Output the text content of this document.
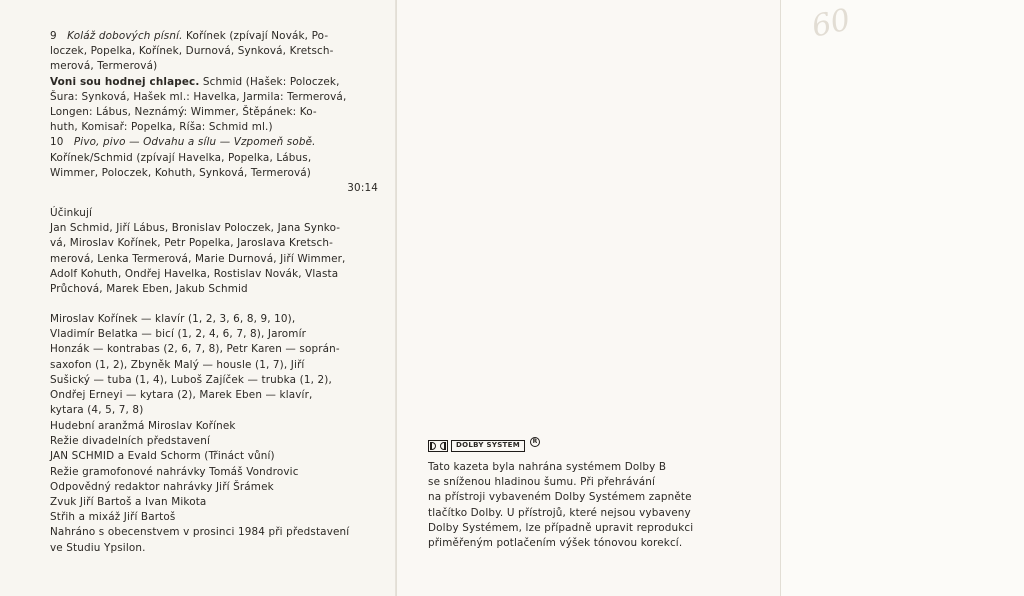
9 Koláž dobových písní. Kořínek (zpívají Novák, Po-
loczek, Popelka, Kořínek, Durnová, Synková, Kretsch-
merová, Termerová)
Voni sou hodnej chlapec. Schmid (Hašek: Poloczek,
Šura: Synková, Hašek ml.: Havelka, Jarmila: Termerová,
Longen: Lábus, Neznámý: Wimmer, Štěpánek: Ko-
huth, Komisař: Popelka, Ríša: Schmid ml.)
10 Pivo, pivo — Odvahu a sílu — Vzpomeň sobě.
Kořínek/Schmid (zpívají Havelka, Popelka, Lábus,
Wimmer, Poloczek, Kohuth, Synková, Termerová)
30:14
Účinkují
Jan Schmid, Jiří Lábus, Bronislav Poloczek, Jana Synko-
vá, Miroslav Kořínek, Petr Popelka, Jaroslava Kretsch-
merová, Lenka Termerová, Marie Durnová, Jiří Wimmer,
Adolf Kohuth, Ondřej Havelka, Rostislav Novák, Vlasta
Průchová, Marek Eben, Jakub Schmid
Miroslav Kořínek — klavír (1, 2, 3, 6, 8, 9, 10),
Vladimír Belatka — bicí (1, 2, 4, 6, 7, 8), Jaromír
Honzák — kontrabas (2, 6, 7, 8), Petr Karen — soprán-
saxofon (1, 2), Zbyněk Malý — housle (1, 7), Jiří
Sušický — tuba (1, 4), Luboš Zajíček — trubka (1, 2),
Ondřej Erneyi — kytara (2), Marek Eben — klavír,
kytara (4, 5, 7, 8)
Hudební aranžmá Miroslav Kořínek
Režie divadelních představení
JAN SCHMID a Evald Schorm (Třináct vůní)
Režie gramofonové nahrávky Tomáš Vondrovic
Odpovědný redaktor nahrávky Jiří Šrámek
Zvuk Jiří Bartoš a Ivan Mikota
Střih a mixáž Jiří Bartoš
Nahráno s obecenstvem v prosinci 1984 při představení
ve Studiu Ypsilon.
DOLBY SYSTEM	R
Tato kazeta byla nahrána systémem Dolby B
se sníženou hladinou šumu. Při přehrávání
na přístroji vybaveném Dolby Systémem zapněte
tlačítko Dolby. U přístrojů, které nejsou vybaveny
Dolby Systémem, lze případně upravit reprodukci
přiměřeným potlačením výšek tónovou korekcí.
60
